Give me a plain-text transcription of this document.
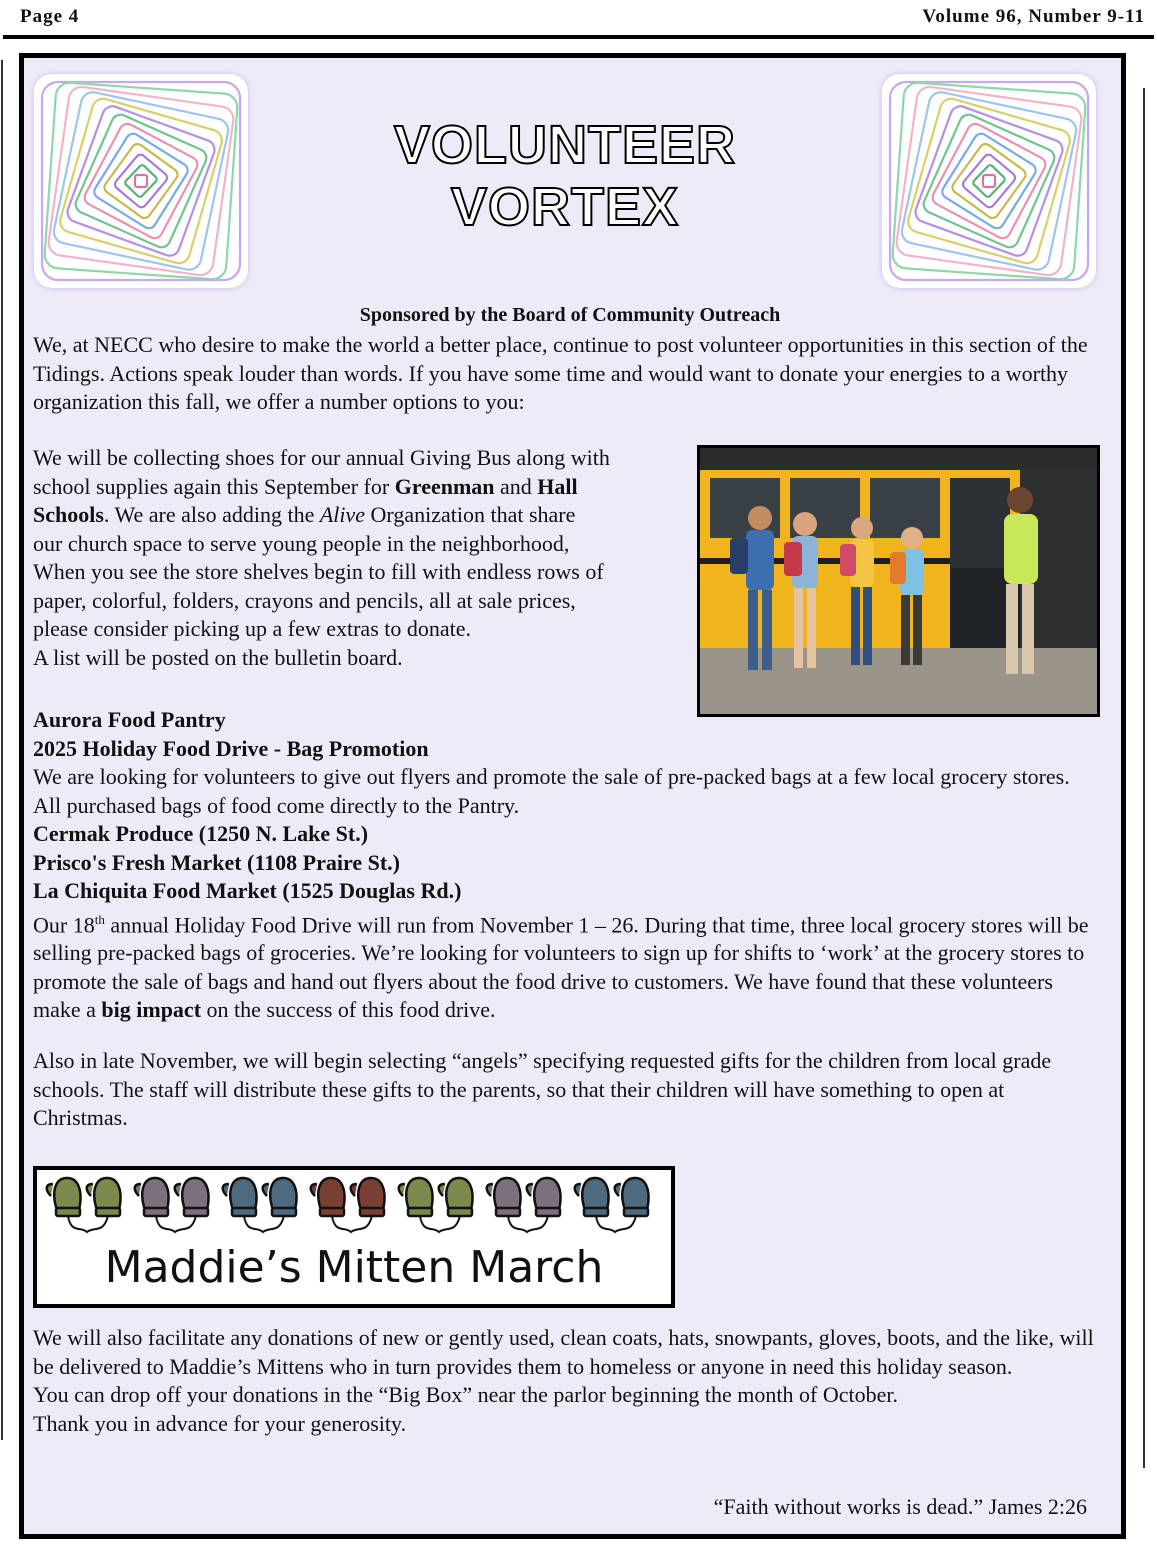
Page 4	Volume 96, Number 9-11
VOLUNTEER
VORTEX
Sponsored by the Board of Community Outreach
We, at NECC who desire to make the world a better place, continue to post volunteer opportunities in this section of the Tidings. Actions speak louder than words. If you have some time and would want to donate your energies to a worthy organization this fall, we offer a number options to you:
We will be collecting shoes for our annual Giving Bus along with
school supplies again this September for Greenman and Hall
Schools. We are also adding the Alive Organization that share
our church space to serve young people in the neighborhood,
When you see the store shelves begin to fill with endless rows of
paper, colorful, folders, crayons and pencils, all at sale prices,
please consider picking up a few extras to donate.
A list will be posted on the bulletin board.
Aurora Food Pantry
2025 Holiday Food Drive - Bag Promotion
We are looking for volunteers to give out flyers and promote the sale of pre-packed bags at a few local grocery stores. All purchased bags of food come directly to the Pantry.
Cermak Produce (1250 N. Lake St.)
Prisco's Fresh Market (1108 Praire St.)
La Chiquita Food Market (1525 Douglas Rd.)
Our 18th annual Holiday Food Drive will run from November 1 – 26. During that time, three local grocery stores will be selling pre-packed bags of groceries. We’re looking for volunteers to sign up for shifts to ‘work’ at the grocery stores to promote the sale of bags and hand out flyers about the food drive to customers. We have found that these volunteers make a big impact on the success of this food drive.
Also in late November, we will begin selecting “angels” specifying requested gifts for the children from local grade schools. The staff will distribute these gifts to the parents, so that their children will have something to open at Christmas.
Maddie’s Mitten March
We will also facilitate any donations of new or gently used, clean coats, hats, snowpants, gloves, boots, and the like, will be delivered to Maddie’s Mittens who in turn provides them to homeless or anyone in need this holiday season.
You can drop off your donations in the “Big Box” near the parlor beginning the month of October.
Thank you in advance for your generosity.
“Faith without works is dead.” James 2:26
